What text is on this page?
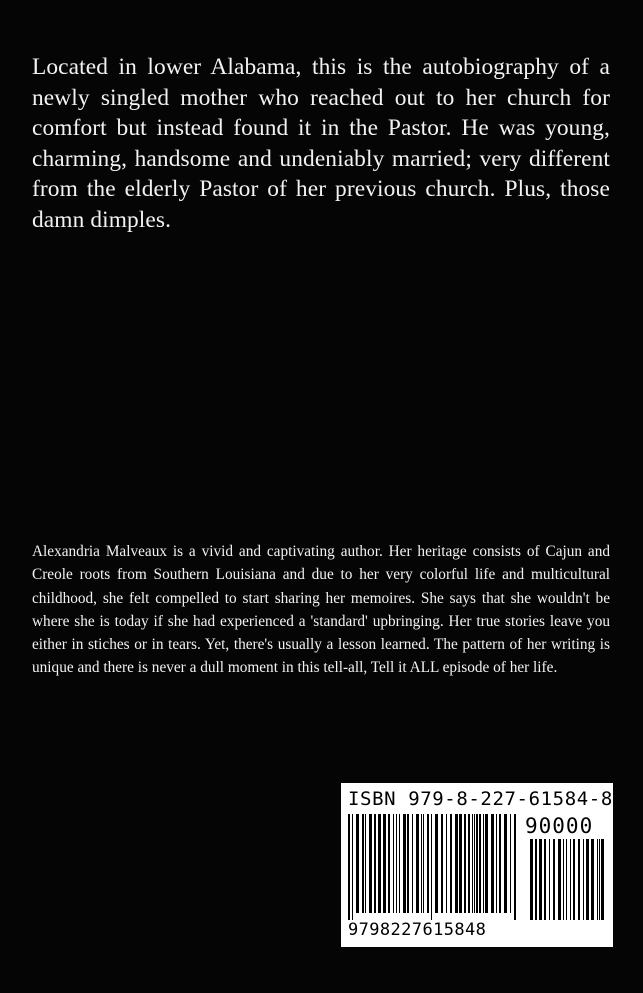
Located in lower Alabama, this is the autobiography of a newly singled mother who reached out to her church for comfort but instead found it in the Pastor. He was young, charming, handsome and undeniably married; very different from the elderly Pastor of her previous church. Plus, those damn dimples.

Alexandria Malveaux is a vivid and captivating author. Her heritage consists of Cajun and Creole roots from Southern Louisiana and due to her very colorful life and multicultural childhood, she felt compelled to start sharing her memoires. She says that she wouldn't be where she is today if she had experienced a 'standard' upbringing. Her true stories leave you either in stiches or in tears. Yet, there's usually a lesson learned. The pattern of her writing is unique and there is never a dull moment in this tell-all, Tell it ALL episode of her life.

ISBN 979-8-227-61584-8
90000
9798227615848
